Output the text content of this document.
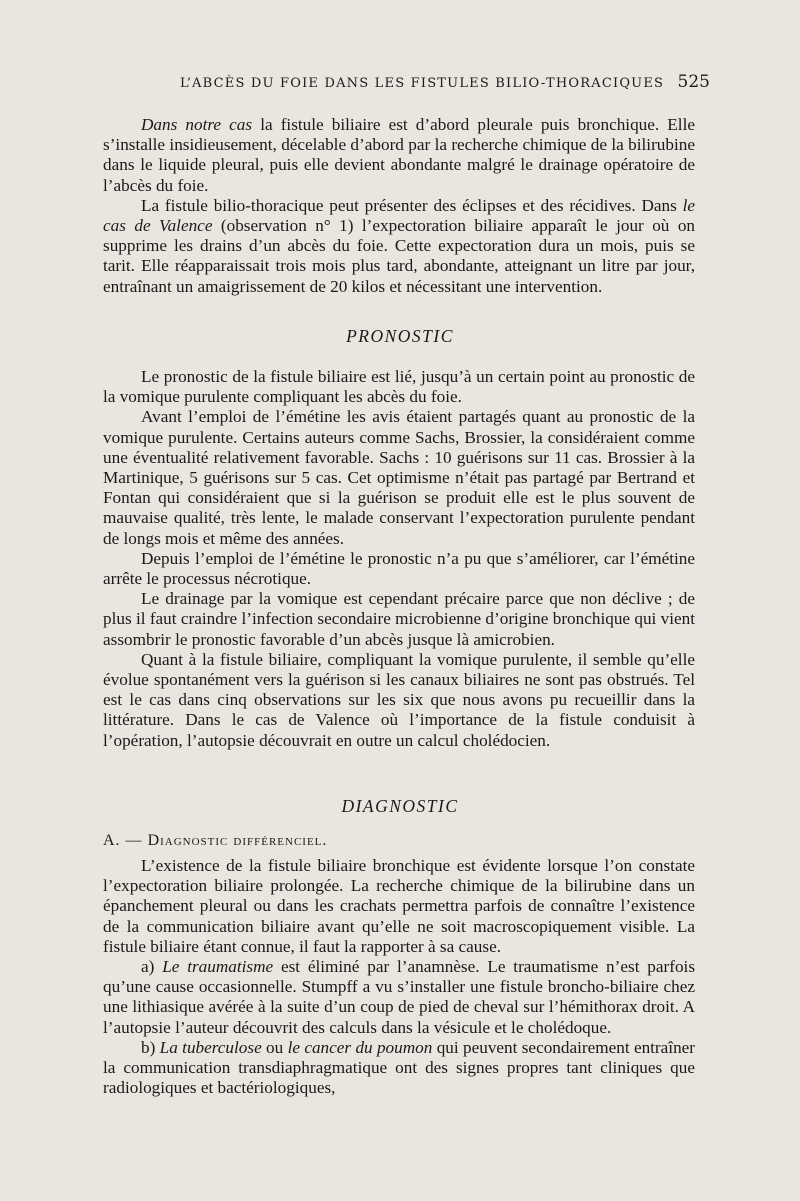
L’ABCÈS DU FOIE DANS LES FISTULES BILIO-THORACIQUES 525

Dans notre cas la fistule biliaire est d’abord pleurale puis bronchique. Elle s’installe insidieusement, décelable d’abord par la recherche chimique de la bilirubine dans le liquide pleural, puis elle devient abondante malgré le drainage opératoire de l’abcès du foie.

La fistule bilio-thoracique peut présenter des éclipses et des récidives. Dans le cas de Valence (observation n° 1) l’expectoration biliaire apparaît le jour où on supprime les drains d’un abcès du foie. Cette expectoration dura un mois, puis se tarit. Elle réapparaissait trois mois plus tard, abondante, atteignant un litre par jour, entraînant un amaigrissement de 20 kilos et nécessitant une intervention.

PRONOSTIC

Le pronostic de la fistule biliaire est lié, jusqu’à un certain point au pronostic de la vomique purulente compliquant les abcès du foie.

Avant l’emploi de l’émétine les avis étaient partagés quant au pronostic de la vomique purulente. Certains auteurs comme Sachs, Brossier, la considéraient comme une éventualité relativement favorable. Sachs : 10 guérisons sur 11 cas. Brossier à la Martinique, 5 guérisons sur 5 cas. Cet optimisme n’était pas partagé par Bertrand et Fontan qui considéraient que si la guérison se produit elle est le plus souvent de mauvaise qualité, très lente, le malade conservant l’expectoration purulente pendant de longs mois et même des années.

Depuis l’emploi de l’émétine le pronostic n’a pu que s’améliorer, car l’émétine arrête le processus nécrotique.

Le drainage par la vomique est cependant précaire parce que non déclive ; de plus il faut craindre l’infection secondaire microbienne d’origine bronchique qui vient assombrir le pronostic favorable d’un abcès jusque là amicrobien.

Quant à la fistule biliaire, compliquant la vomique purulente, il semble qu’elle évolue spontanément vers la guérison si les canaux biliaires ne sont pas obstrués. Tel est le cas dans cinq observations sur les six que nous avons pu recueillir dans la littérature. Dans le cas de Valence où l’importance de la fistule conduisit à l’opération, l’autopsie découvrait en outre un calcul cholédocien.

DIAGNOSTIC
A. — Diagnostic différenciel.

L’existence de la fistule biliaire bronchique est évidente lorsque l’on constate l’expectoration biliaire prolongée. La recherche chimique de la bilirubine dans un épanchement pleural ou dans les crachats permettra parfois de connaître l’existence de la communication biliaire avant qu’elle ne soit macroscopiquement visible. La fistule biliaire étant connue, il faut la rapporter à sa cause.

a) Le traumatisme est éliminé par l’anamnèse. Le traumatisme n’est parfois qu’une cause occasionnelle. Stumpff a vu s’installer une fistule broncho-biliaire chez une lithiasique avérée à la suite d’un coup de pied de cheval sur l’hémithorax droit. A l’autopsie l’auteur découvrit des calculs dans la vésicule et le cholédoque.

b) La tuberculose ou le cancer du poumon qui peuvent secondairement entraîner la communication transdiaphragmatique ont des signes propres tant cliniques que radiologiques et bactériologiques,
